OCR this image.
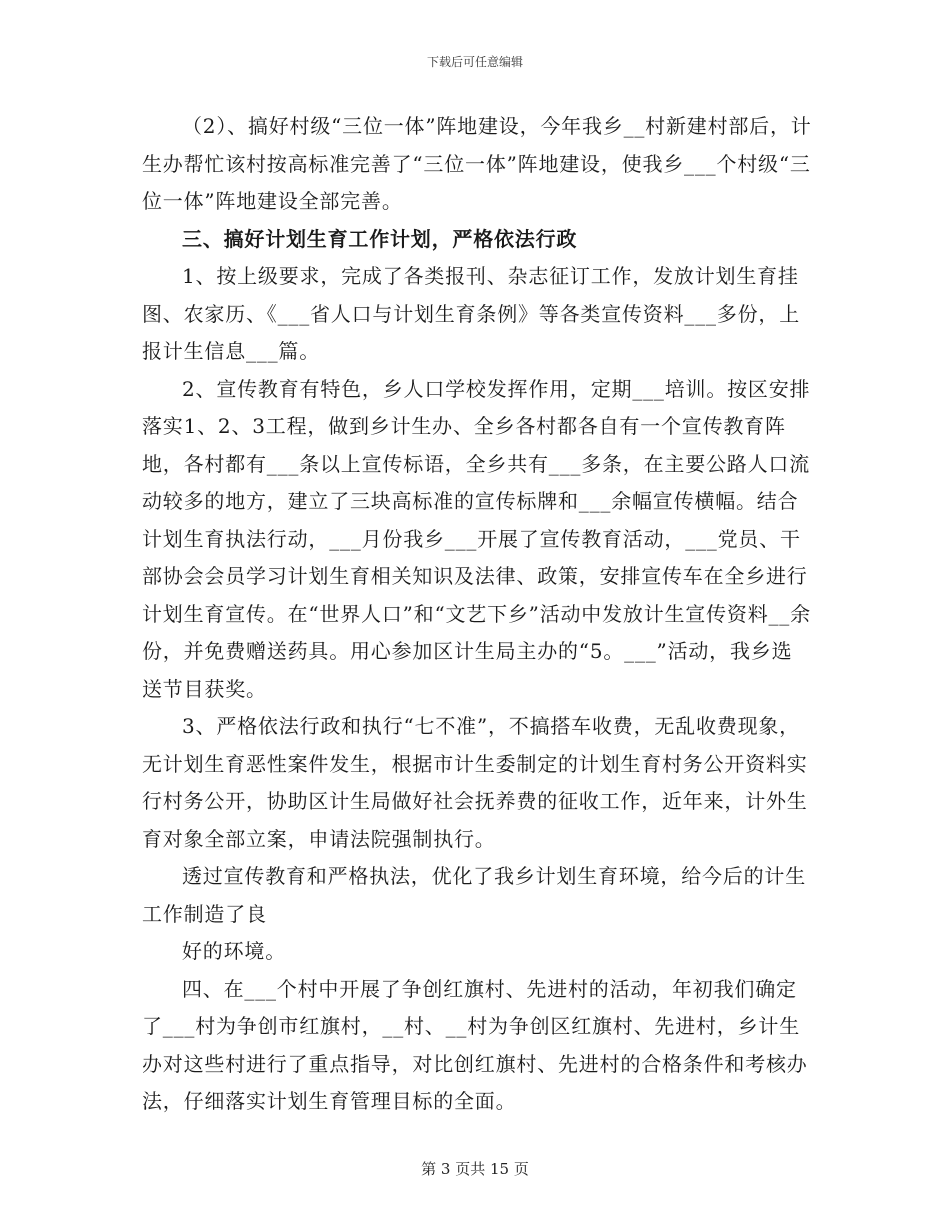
下载后可任意编辑

（2）、搞好村级“三位一体”阵地建设，今年我乡__村新建村部后，计生办帮忙该村按高标准完善了“三位一体”阵地建设，使我乡___个村级“三位一体”阵地建设全部完善。

三、搞好计划生育工作计划，严格依法行政

1、按上级要求，完成了各类报刊、杂志征订工作，发放计划生育挂图、农家历、《___省人口与计划生育条例》等各类宣传资料___多份，上报计生信息___篇。

2、宣传教育有特色，乡人口学校发挥作用，定期___培训。按区安排落实1、2、3工程，做到乡计生办、全乡各村都各自有一个宣传教育阵地，各村都有___条以上宣传标语，全乡共有___多条，在主要公路人口流动较多的地方，建立了三块高标准的宣传标牌和___余幅宣传横幅。结合计划生育执法行动，___月份我乡___开展了宣传教育活动，___党员、干部协会会员学习计划生育相关知识及法律、政策，安排宣传车在全乡进行计划生育宣传。在“世界人口”和“文艺下乡”活动中发放计生宣传资料__余份，并免费赠送药具。用心参加区计生局主办的“5。___”活动，我乡选送节目获奖。

3、严格依法行政和执行“七不准”，不搞搭车收费，无乱收费现象，无计划生育恶性案件发生，根据市计生委制定的计划生育村务公开资料实行村务公开，协助区计生局做好社会抚养费的征收工作，近年来，计外生育对象全部立案，申请法院强制执行。

透过宣传教育和严格执法，优化了我乡计划生育环境，给今后的计生工作制造了良

好的环境。

四、在___个村中开展了争创红旗村、先进村的活动，年初我们确定了___村为争创市红旗村，__村、__村为争创区红旗村、先进村，乡计生办对这些村进行了重点指导，对比创红旗村、先进村的合格条件和考核办法，仔细落实计划生育管理目标的全面。

第 3 页共 15 页
